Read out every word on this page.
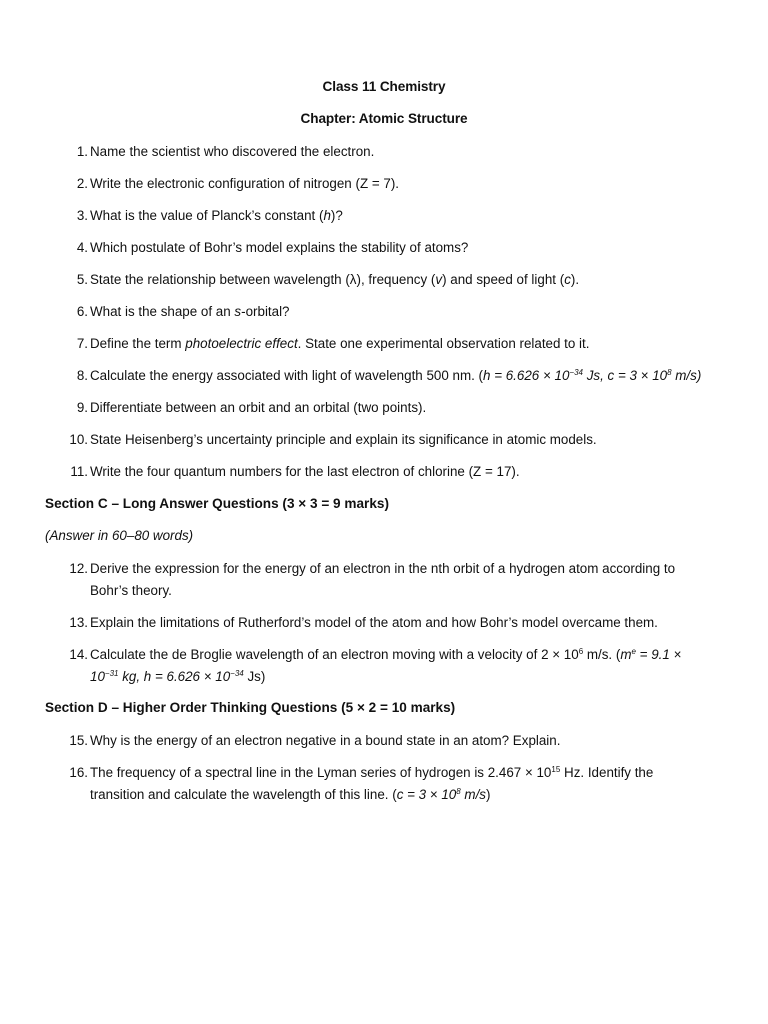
Class 11 Chemistry
Chapter: Atomic Structure
1. Name the scientist who discovered the electron.
2. Write the electronic configuration of nitrogen (Z = 7).
3. What is the value of Planck’s constant (h)?
4. Which postulate of Bohr’s model explains the stability of atoms?
5. State the relationship between wavelength (λ), frequency (v) and speed of light (c).
6. What is the shape of an s-orbital?
7. Define the term photoelectric effect. State one experimental observation related to it.
8. Calculate the energy associated with light of wavelength 500 nm. ($h = 6.626 \times 10^{-34}$ Js, $c = 3 \times 10^8$ m/s)
9. Differentiate between an orbit and an orbital (two points).
10. State Heisenberg’s uncertainty principle and explain its significance in atomic models.
11. Write the four quantum numbers for the last electron of chlorine (Z = 17).
Section C – Long Answer Questions (3 × 3 = 9 marks)
(Answer in 60–80 words)
12. Derive the expression for the energy of an electron in the nth orbit of a hydrogen atom according to
Bohr’s theory.
13. Explain the limitations of Rutherford’s model of the atom and how Bohr’s model overcame them.
14. Calculate the de Broglie wavelength of an electron moving with a velocity of $2 \times 10^6$ m/s. ($m^e = 9.1$ ×
$10^{-31}$ kg, $h = 6.626 \times 10^{-34}$ Js)
Section D – Higher Order Thinking Questions (5 × 2 = 10 marks)
15. Why is the energy of an electron negative in a bound state in an atom? Explain.
16. The frequency of a spectral line in the Lyman series of hydrogen is $2.467 \times 10^{15}$ Hz. Identify the
transition and calculate the wavelength of this line. ($c = 3 \times 10^8$ m/s)
